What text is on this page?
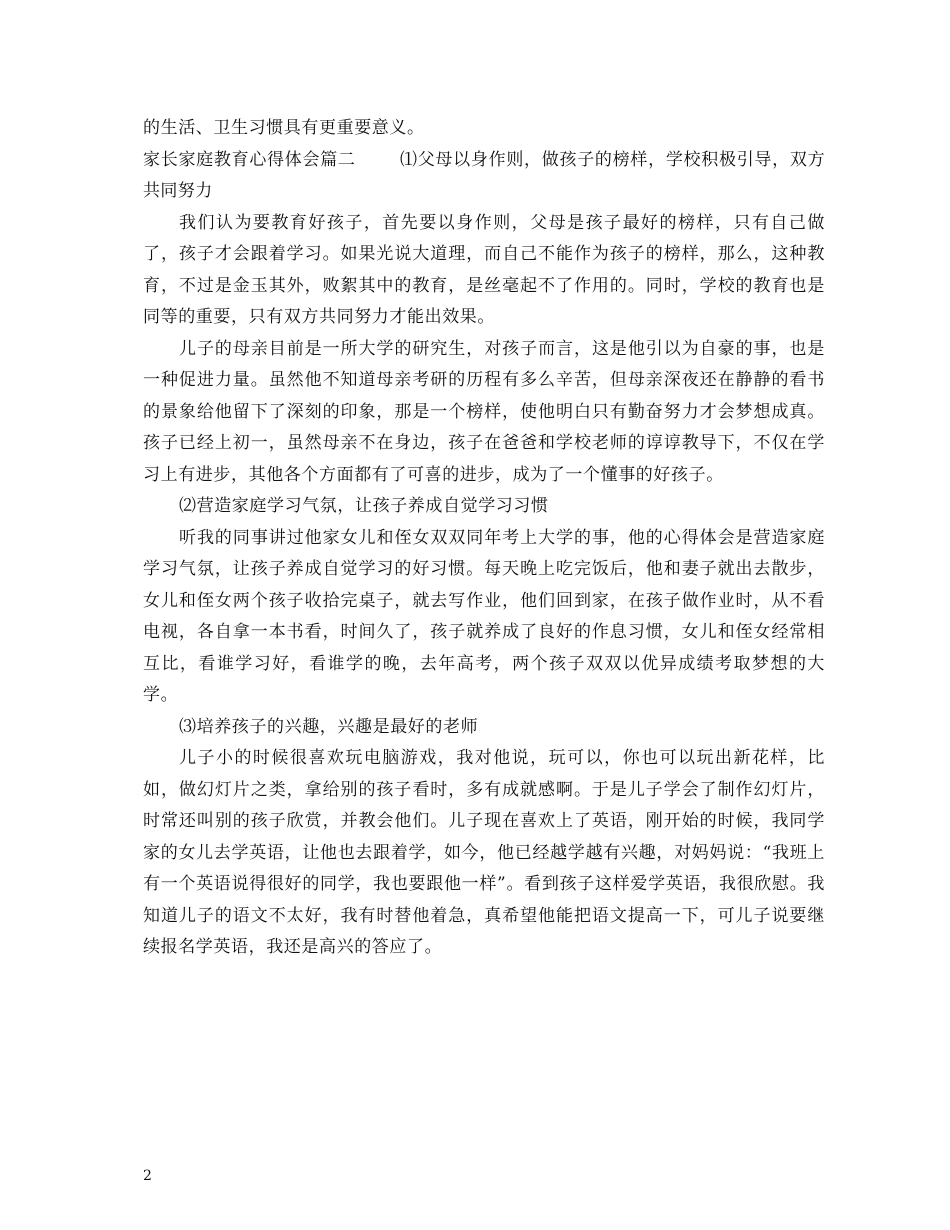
的生活、卫生习惯具有更重要意义。

家长家庭教育心得体会篇二	⑴父母以身作则，做孩子的榜样，学校积极引导，双方共同努力

我们认为要教育好孩子，首先要以身作则，父母是孩子最好的榜样，只有自己做了，孩子才会跟着学习。如果光说大道理，而自己不能作为孩子的榜样，那么，这种教育，不过是金玉其外，败絮其中的教育，是丝毫起不了作用的。同时，学校的教育也是同等的重要，只有双方共同努力才能出效果。

儿子的母亲目前是一所大学的研究生，对孩子而言，这是他引以为自豪的事，也是一种促进力量。虽然他不知道母亲考研的历程有多么辛苦，但母亲深夜还在静静的看书的景象给他留下了深刻的印象，那是一个榜样，使他明白只有勤奋努力才会梦想成真。孩子已经上初一，虽然母亲不在身边，孩子在爸爸和学校老师的谆谆教导下，不仅在学习上有进步，其他各个方面都有了可喜的进步，成为了一个懂事的好孩子。

⑵营造家庭学习气氛，让孩子养成自觉学习习惯

听我的同事讲过他家女儿和侄女双双同年考上大学的事，他的心得体会是营造家庭学习气氛，让孩子养成自觉学习的好习惯。每天晚上吃完饭后，他和妻子就出去散步，女儿和侄女两个孩子收拾完桌子，就去写作业，他们回到家，在孩子做作业时，从不看电视，各自拿一本书看，时间久了，孩子就养成了良好的作息习惯，女儿和侄女经常相互比，看谁学习好，看谁学的晚，去年高考，两个孩子双双以优异成绩考取梦想的大学。

⑶培养孩子的兴趣，兴趣是最好的老师

儿子小的时候很喜欢玩电脑游戏，我对他说，玩可以，你也可以玩出新花样，比如，做幻灯片之类，拿给别的孩子看时，多有成就感啊。于是儿子学会了制作幻灯片，时常还叫别的孩子欣赏，并教会他们。儿子现在喜欢上了英语，刚开始的时候，我同学家的女儿去学英语，让他也去跟着学，如今，他已经越学越有兴趣，对妈妈说：“我班上有一个英语说得很好的同学，我也要跟他一样”。看到孩子这样爱学英语，我很欣慰。我知道儿子的语文不太好，我有时替他着急，真希望他能把语文提高一下，可儿子说要继续报名学英语，我还是高兴的答应了。

2
